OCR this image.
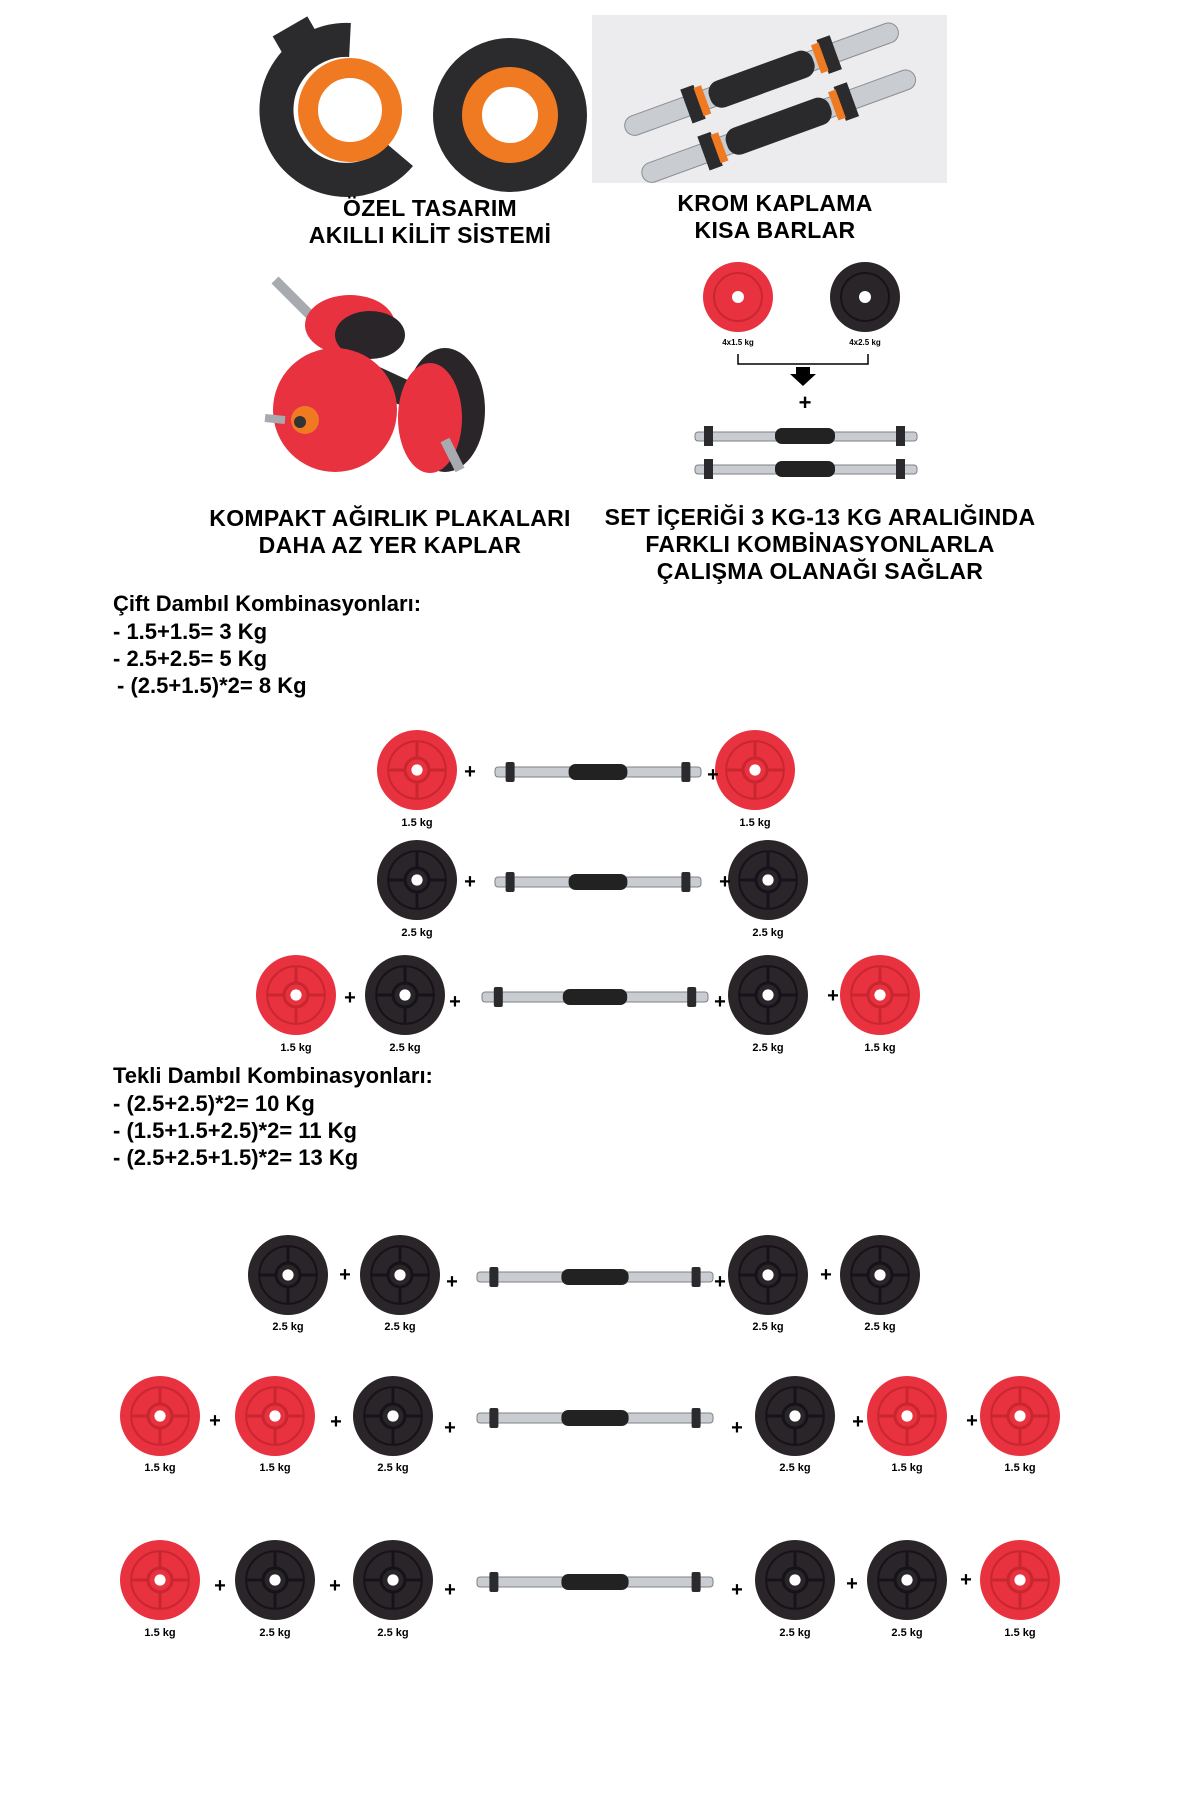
ÖZEL TASARIM
AKILLI KİLİT SİSTEMİ
KROM KAPLAMA
KISA BARLAR
KOMPAKT AĞIRLIK PLAKALARI
DAHA AZ YER KAPLAR
4x1.5 kg	4x2.5 kg
+
SET İÇERİĞİ 3 KG-13 KG ARALIĞINDA
FARKLI KOMBİNASYONLARLA
ÇALIŞMA OLANAĞI SAĞLAR
Çift Dambıl Kombinasyonları:
- 1.5+1.5= 3 Kg
- 2.5+2.5= 5 Kg
- (2.5+1.5)*2= 8 Kg
Tekli Dambıl Kombinasyonları:
- (2.5+2.5)*2= 10 Kg
- (1.5+1.5+2.5)*2= 11 Kg
- (2.5+2.5+1.5)*2= 13 Kg
1.5 kg	1.5 kg
+	+
2.5 kg	2.5 kg
+	+
1.5 kg	2.5 kg	2.5 kg	1.5 kg
+	+	+	+
2.5 kg	2.5 kg	2.5 kg	2.5 kg
+	+	+	+
1.5 kg	1.5 kg	2.5 kg	2.5 kg	1.5 kg	1.5 kg
+	+	+	+	+	+
1.5 kg	2.5 kg	2.5 kg	2.5 kg	2.5 kg	1.5 kg
+	+	+	+	+	+
